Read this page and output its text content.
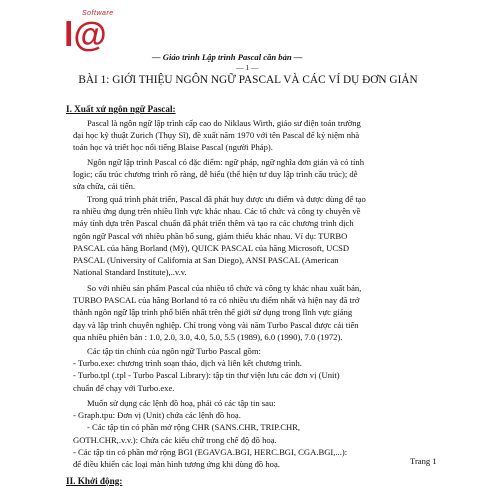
Software
l@
— Giáo trình Lập trình Pascal căn bản —
— 1 —
BÀI 1: GIỚI THIỆU NGÔN NGỮ PASCAL VÀ CÁC VÍ DỤ ĐƠN GIẢN
I. Xuất xứ ngôn ngữ Pascal:
Pascal là ngôn ngữ lập trình cấp cao do Niklaus Wirth, giáo sư điện toán trường
đại học kỹ thuật Zurich (Thụy Sĩ), đề xuất năm 1970 với tên Pascal để kỷ niệm nhà
toán học và triết học nổi tiếng Blaise Pascal (người Pháp).
Ngôn ngữ lập trình Pascal có đặc điểm: ngữ pháp, ngữ nghĩa đơn giản và có tính
logic; cấu trúc chương trình rõ ràng, dễ hiểu (thể hiện tư duy lập trình cấu trúc); dễ
sửa chữa, cải tiến.
Trong quá trình phát triển, Pascal đã phát huy được ưu điểm và được dùng để tạo
ra nhiều ứng dụng trên nhiều lĩnh vực khác nhau. Các tổ chức và công ty chuyên về
máy tính dựa trên Pascal chuẩn đã phát triển thêm và tạo ra các chương trình dịch
ngôn ngữ Pascal với nhiều phần bổ sung, giảm thiểu khác nhau. Ví dụ: TURBO
PASCAL của hãng Borland (Mỹ), QUICK PASCAL của hãng Microsoft, UCSD
PASCAL (University of California at San Diego), ANSI PASCAL (American
National Standard Institute),..v.v.
So với nhiều sản phẩm Pascal của nhiều tổ chức và công ty khác nhau xuất bản,
TURBO PASCAL của hãng Borland tỏ ra có nhiều ưu điểm nhất và hiện nay đã trở
thành ngôn ngữ lập trình phổ biến nhất trên thế giới sử dụng trong lĩnh vực giảng
dạy và lập trình chuyên nghiệp. Chỉ trong vòng vài năm Turbo Pascal được cải tiến
qua nhiều phiên bản : 1.0, 2.0, 3.0, 4.0, 5.0, 5.5 (1989), 6.0 (1990), 7.0 (1972).
Các tập tin chính của ngôn ngữ Turbo Pascal gồm:
- Turbo.exe: chương trình soạn thảo, dịch và liên kết chương trình.
- Turbo.tpl (.tpl - Turbo Pascal Library): tập tin thư viện lưu các đơn vị (Unit)
chuẩn để chạy với Turbo.exe.
Muốn sử dụng các lệnh đồ hoạ, phải có các tập tin sau:
- Graph.tpu: Đơn vị (Unit) chứa các lệnh đồ hoạ.
- Các tập tin có phần mở rộng CHR (SANS.CHR, TRIP.CHR,
GOTH.CHR,.v.v.): Chứa các kiểu chữ trong chế độ đồ hoạ.
- Các tập tin có phần mở rộng BGI (EGAVGA.BGI, HERC.BGI, CGA.BGI,...):
để điều khiển các loại màn hình tương ứng khi dùng đồ hoạ.
II. Khởi động:
Trang 1
